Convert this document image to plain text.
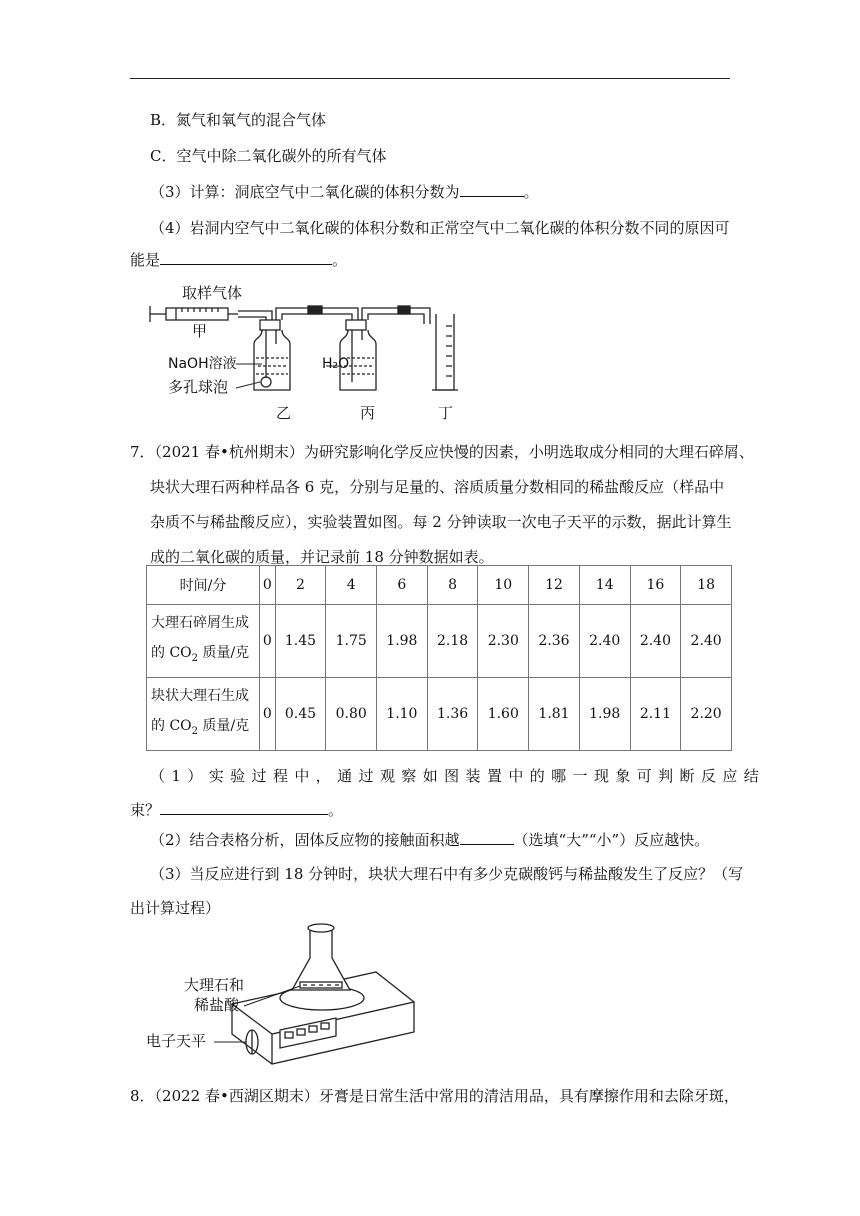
B．氮气和氧气的混合气体
C．空气中除二氧化碳外的所有气体
（3）计算：洞底空气中二氧化碳的体积分数为	。
（4）岩洞内空气中二氧化碳的体积分数和正常空气中二氧化碳的体积分数不同的原因可
能是	。
取样气体
甲
NaOH溶液
多孔球泡
H₂O
乙	丙	丁
7．（2021 春•杭州期末）为研究影响化学反应快慢的因素，小明选取成分相同的大理石碎屑、
块状大理石两种样品各 6 克，分别与足量的、溶质质量分数相同的稀盐酸反应（样品中
杂质不与稀盐酸反应），实验装置如图。每 2 分钟读取一次电子天平的示数，据此计算生
成的二氧化碳的质量，并记录前 18 分钟数据如表。
时间/分	0	2	4	6	8	10	12	14	16	18
大理石碎屑生成
的 $CO_2$ 质量/克	0	1.45	1.75	1.98	2.18	2.30	2.36	2.40	2.40	2.40
块状大理石生成
的 $CO_2$ 质量/克	0	0.45	0.80	1.10	1.36	1.60	1.81	1.98	2.11	2.20
（1）实验过程中，通过观察如图装置中的哪一现象可判断反应结
束？	。
（2）结合表格分析，固体反应物的接触面积越	（选填“大”“小”）反应越快。
（3）当反应进行到 18 分钟时，块状大理石中有多少克碳酸钙与稀盐酸发生了反应？（写
出计算过程）
大理石和
稀盐酸
电子天平
8．（2022 春•西湖区期末）牙膏是日常生活中常用的清洁用品，具有摩擦作用和去除牙斑，
